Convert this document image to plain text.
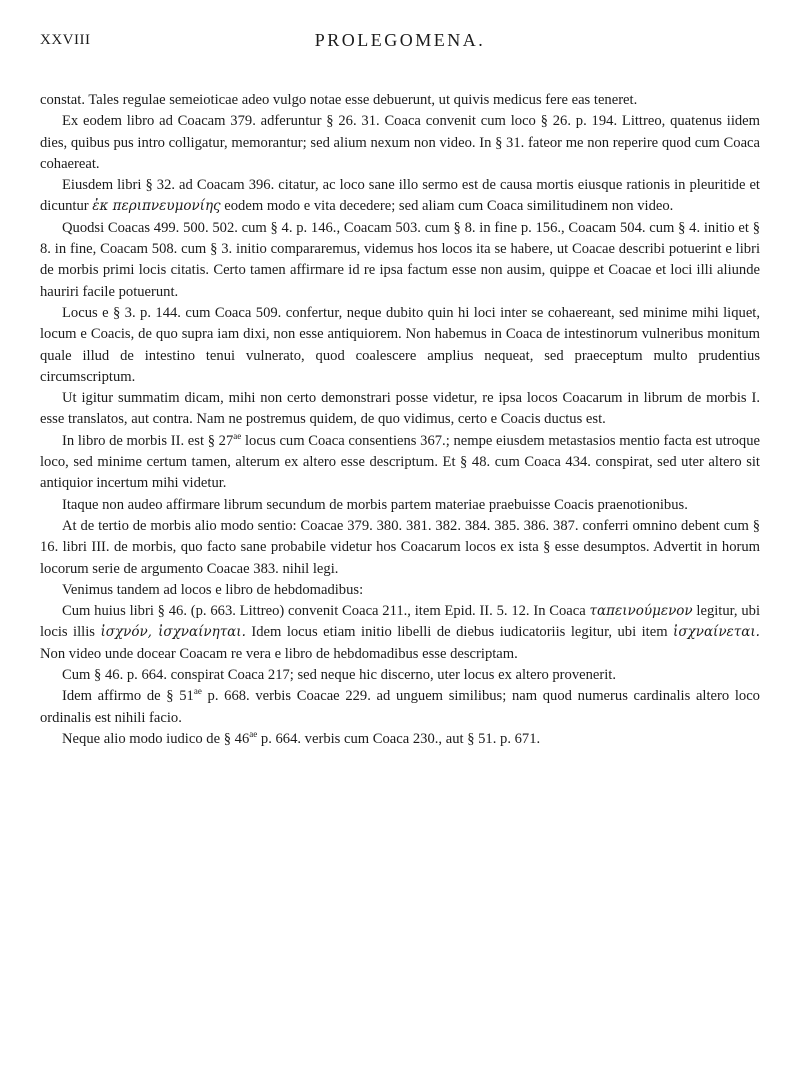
XXVIII	PROLEGOMENA.

constat. Tales regulae semeioticae adeo vulgo notae esse debuerunt, ut quivis medicus fere eas teneret.

Ex eodem libro ad Coacam 379. adferuntur § 26. 31. Coaca convenit cum loco § 26. p. 194. Littreo, quatenus iidem dies, quibus pus intro colligatur, memorantur; sed alium nexum non video. In § 31. fateor me non reperire quod cum Coaca cohaereat.

Eiusdem libri § 32. ad Coacam 396. citatur, ac loco sane illo sermo est de causa mortis eiusque rationis in pleuritide et dicuntur ἐκ περιπνευμονίης eodem modo e vita decedere; sed aliam cum Coaca similitudinem non video.

Quodsi Coacas 499. 500. 502. cum § 4. p. 146., Coacam 503. cum § 8. in fine p. 156., Coacam 504. cum § 4. initio et § 8. in fine, Coacam 508. cum § 3. initio compararemus, videmus hos locos ita se habere, ut Coacae describi potuerint e libri de morbis primi locis citatis. Certo tamen affirmare id re ipsa factum esse non ausim, quippe et Coacae et loci illi aliunde hauriri facile potuerunt.

Locus e § 3. p. 144. cum Coaca 509. confertur, neque dubito quin hi loci inter se cohaereant, sed minime mihi liquet, locum e Coacis, de quo supra iam dixi, non esse antiquiorem. Non habemus in Coaca de intestinorum vulneribus monitum quale illud de intestino tenui vulnerato, quod coalescere amplius nequeat, sed praeceptum multo prudentius circumscriptum.

Ut igitur summatim dicam, mihi non certo demonstrari posse videtur, re ipsa locos Coacarum in librum de morbis I. esse translatos, aut contra. Nam ne postremus quidem, de quo vidimus, certo e Coacis ductus est.

In libro de morbis II. est § $27^{ae}$ locus cum Coaca consentiens 367.; nempe eiusdem metastasios mentio facta est utroque loco, sed minime certum tamen, alterum ex altero esse descriptum. Et § 48. cum Coaca 434. conspirat, sed uter altero sit antiquior incertum mihi videtur.

Itaque non audeo affirmare librum secundum de morbis partem materiae praebuisse Coacis praenotionibus.

At de tertio de morbis alio modo sentio: Coacae 379. 380. 381. 382. 384. 385. 386. 387. conferri omnino debent cum § 16. libri III. de morbis, quo facto sane probabile videtur hos Coacarum locos ex ista § esse desumptos. Advertit in horum locorum serie de argumento Coacae 383. nihil legi.

Venimus tandem ad locos e libro de hebdomadibus:

Cum huius libri § 46. (p. 663. Littreo) convenit Coaca 211., item Epid. II. 5. 12. In Coaca ταπεινούμενον legitur, ubi locis illis ἰσχνόν, ἰσχναίνηται. Idem locus etiam initio libelli de diebus iudicatoriis legitur, ubi item ἰσχναίνεται. Non video unde docear Coacam re vera e libro de hebdomadibus esse descriptam.

Cum § 46. p. 664. conspirat Coaca 217; sed neque hic discerno, uter locus ex altero provenerit.

Idem affirmo de § $51^{ae}$ p. 668. verbis Coacae 229. ad unguem similibus; nam quod numerus cardinalis altero loco ordinalis est nihili facio.

Neque alio modo iudico de § $46^{ae}$ p. 664. verbis cum Coaca 230., aut § 51. p. 671.
